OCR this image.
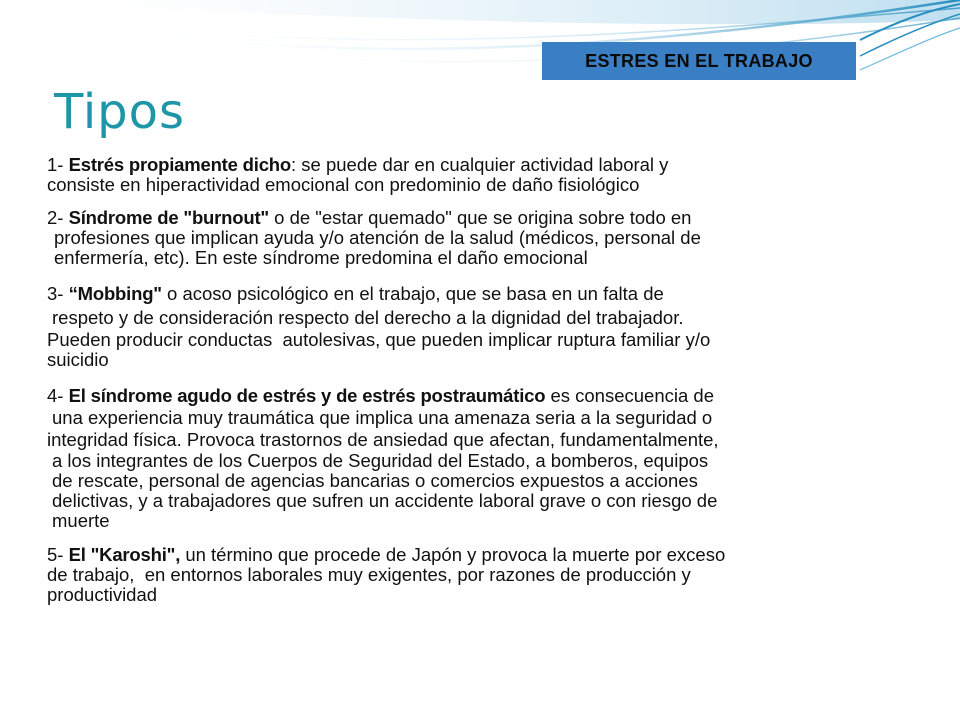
ESTRES EN EL TRABAJO
Tipos

1- Estrés propiamente dicho: se puede dar en cualquier actividad laboral y

consiste en hiperactividad emocional con predominio de daño fisiológico

2- Síndrome de "burnout" o de "estar quemado" que se origina sobre todo en

profesiones que implican ayuda y/o atención de la salud (médicos, personal de

enfermería, etc). En este síndrome predomina el daño emocional

3- “Mobbing" o acoso psicológico en el trabajo, que se basa en un falta de

respeto y de consideración respecto del derecho a la dignidad del trabajador.

Pueden producir conductas  autolesivas, que pueden implicar ruptura familiar y/o

suicidio

4- El síndrome agudo de estrés y de estrés postraumático es consecuencia de

una experiencia muy traumática que implica una amenaza seria a la seguridad o

integridad física. Provoca trastornos de ansiedad que afectan, fundamentalmente,

a los integrantes de los Cuerpos de Seguridad del Estado, a bomberos, equipos

de rescate, personal de agencias bancarias o comercios expuestos a acciones

delictivas, y a trabajadores que sufren un accidente laboral grave o con riesgo de

muerte

5- El "Karoshi", un término que procede de Japón y provoca la muerte por exceso

de trabajo,  en entornos laborales muy exigentes, por razones de producción y

productividad
